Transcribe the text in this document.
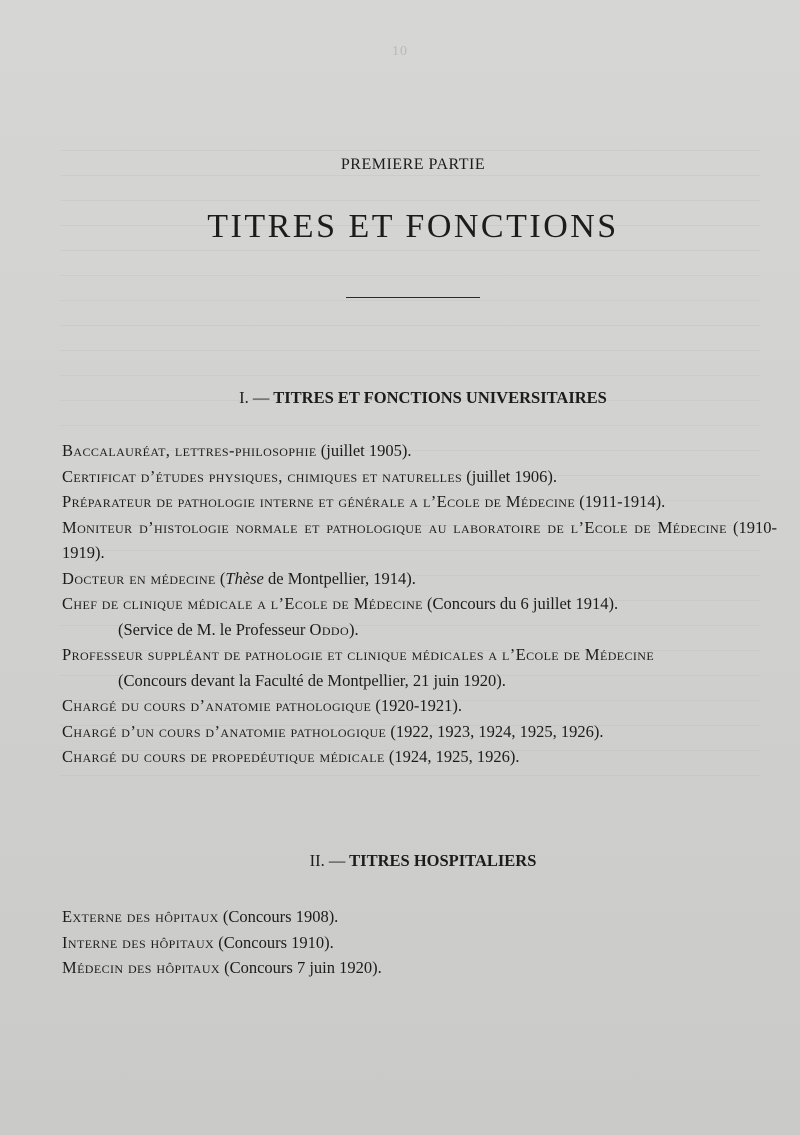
10
PREMIERE PARTIE
TITRES ET FONCTIONS
I. — TITRES ET FONCTIONS UNIVERSITAIRES
Baccalauréat, lettres-philosophie (juillet 1905).
Certificat d’études physiques, chimiques et naturelles (juillet 1906).
Préparateur de pathologie interne et générale a l’Ecole de Médecine (1911-1914).
Moniteur d’histologie normale et pathologique au laboratoire de l’Ecole de Médecine (1910-1919).
Docteur en médecine (Thèse de Montpellier, 1914).
Chef de clinique médicale a l’Ecole de Médecine (Concours du 6 juillet 1914).
(Service de M. le Professeur Oddo).
Professeur suppléant de pathologie et clinique médicales a l’Ecole de Médecine
(Concours devant la Faculté de Montpellier, 21 juin 1920).
Chargé du cours d’anatomie pathologique (1920-1921).
Chargé d’un cours d’anatomie pathologique (1922, 1923, 1924, 1925, 1926).
Chargé du cours de propedéutique médicale (1924, 1925, 1926).
II. — TITRES HOSPITALIERS
Externe des hôpitaux (Concours 1908).
Interne des hôpitaux (Concours 1910).
Médecin des hôpitaux (Concours 7 juin 1920).
